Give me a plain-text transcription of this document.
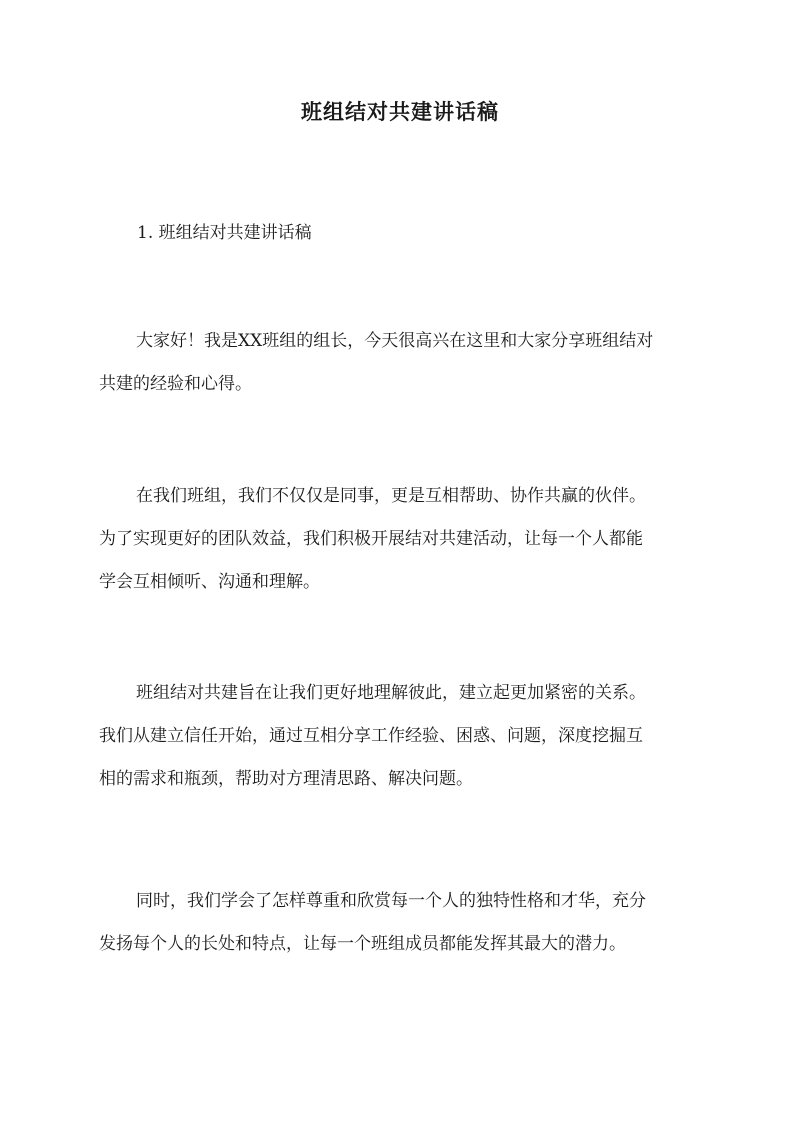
班组结对共建讲话稿

1. 班组结对共建讲话稿

大家好！我是XX班组的组长，今天很高兴在这里和大家分享班组结对
共建的经验和心得。

在我们班组，我们不仅仅是同事，更是互相帮助、协作共赢的伙伴。
为了实现更好的团队效益，我们积极开展结对共建活动，让每一个人都能
学会互相倾听、沟通和理解。

班组结对共建旨在让我们更好地理解彼此，建立起更加紧密的关系。
我们从建立信任开始，通过互相分享工作经验、困惑、问题，深度挖掘互
相的需求和瓶颈，帮助对方理清思路、解决问题。

同时，我们学会了怎样尊重和欣赏每一个人的独特性格和才华，充分
发扬每个人的长处和特点，让每一个班组成员都能发挥其最大的潜力。
